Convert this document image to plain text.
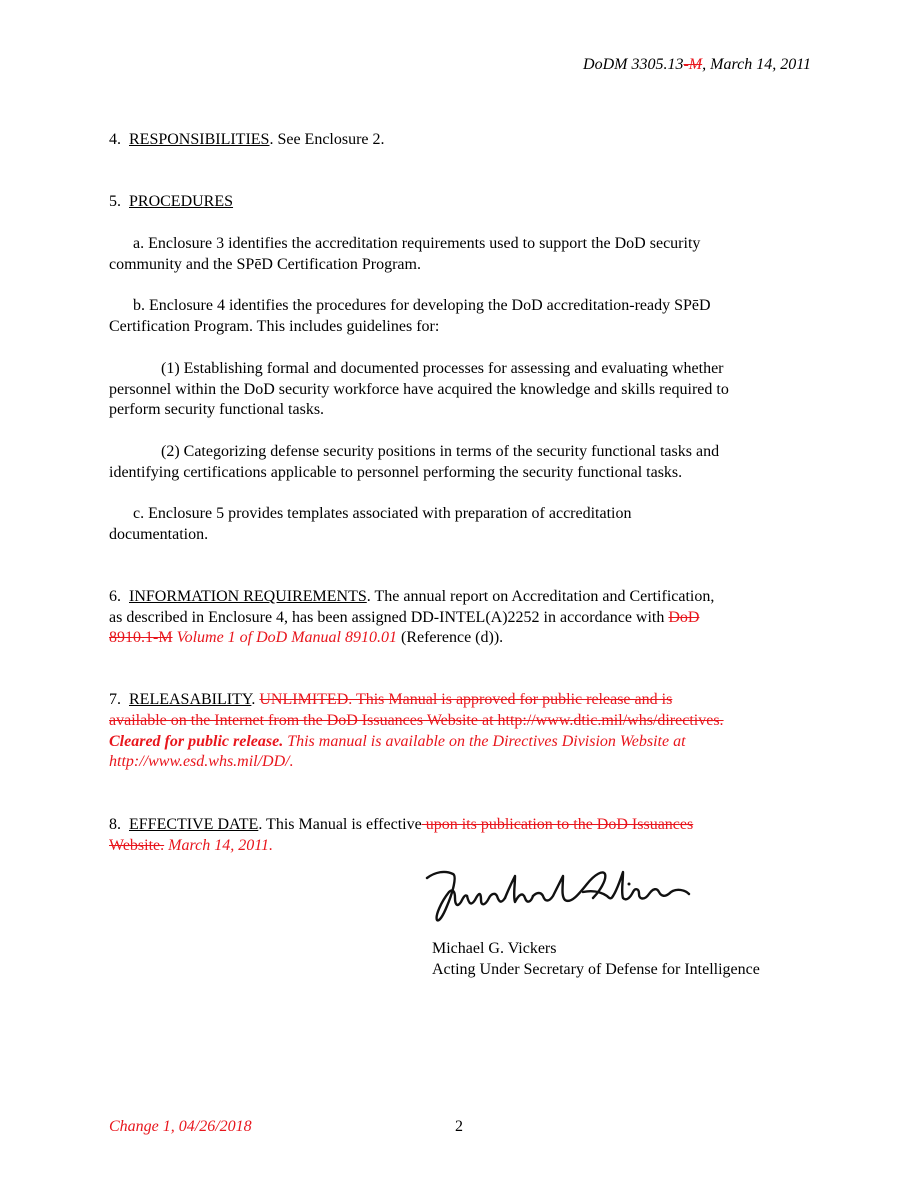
DoDM 3305.13-M, March 14, 2011
4. RESPONSIBILITIES. See Enclosure 2.
5. PROCEDURES
a. Enclosure 3 identifies the accreditation requirements used to support the DoD security
community and the SPēD Certification Program.
b. Enclosure 4 identifies the procedures for developing the DoD accreditation-ready SPēD
Certification Program. This includes guidelines for:
(1) Establishing formal and documented processes for assessing and evaluating whether
personnel within the DoD security workforce have acquired the knowledge and skills required to
perform security functional tasks.
(2) Categorizing defense security positions in terms of the security functional tasks and
identifying certifications applicable to personnel performing the security functional tasks.
c. Enclosure 5 provides templates associated with preparation of accreditation
documentation.
6. INFORMATION REQUIREMENTS. The annual report on Accreditation and Certification,
as described in Enclosure 4, has been assigned DD-INTEL(A)2252 in accordance with DoD
8910.1-M Volume 1 of DoD Manual 8910.01 (Reference (d)).
7. RELEASABILITY. UNLIMITED. This Manual is approved for public release and is
available on the Internet from the DoD Issuances Website at http://www.dtic.mil/whs/directives.
Cleared for public release. This manual is available on the Directives Division Website at
http://www.esd.whs.mil/DD/.
8. EFFECTIVE DATE. This Manual is effective upon its publication to the DoD Issuances
Website. March 14, 2011.
Michael G. Vickers
Acting Under Secretary of Defense for Intelligence
Change 1, 04/26/2018	2
